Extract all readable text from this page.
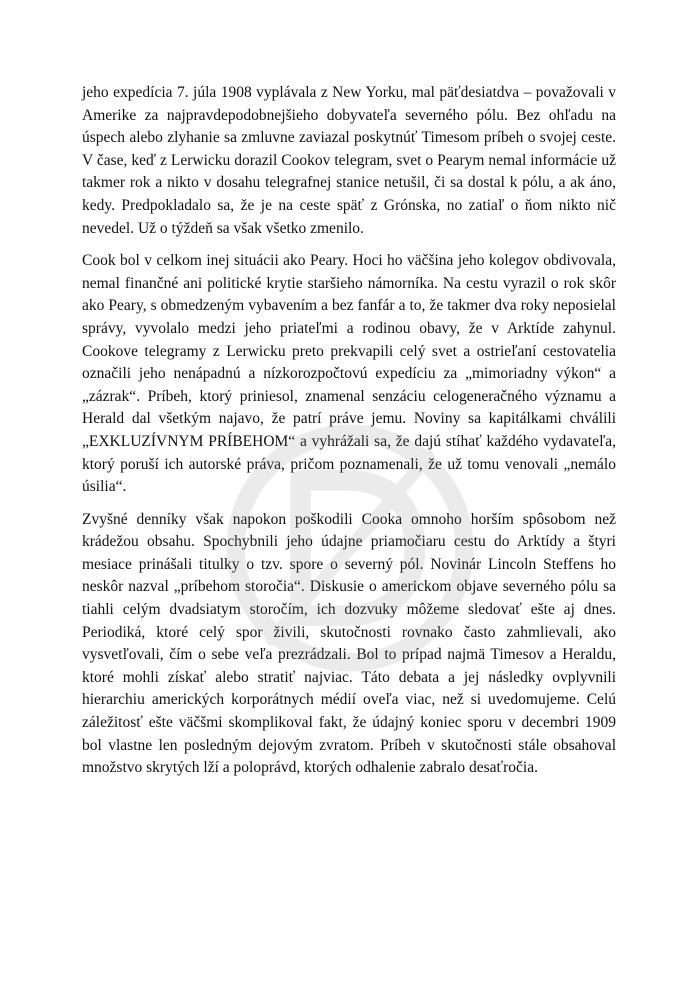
jeho expedícia 7. júla 1908 vyplávala z New Yorku, mal päťdesiatdva – považovali v Amerike za najpravdepodobnejšieho dobyvateľa severného pólu. Bez ohľadu na úspech alebo zlyhanie sa zmluvne zaviazal poskytnúť Timesom príbeh o svojej ceste. V čase, keď z Lerwicku dorazil Cookov telegram, svet o Pearym nemal informácie už takmer rok a nikto v dosahu telegrafnej stanice netušil, či sa dostal k pólu, a ak áno, kedy. Predpokladalo sa, že je na ceste späť z Grónska, no zatiaľ o ňom nikto nič nevedel. Už o týždeň sa však všetko zmenilo.

Cook bol v celkom inej situácii ako Peary. Hoci ho väčšina jeho kolegov obdivovala, nemal finančné ani politické krytie staršieho námorníka. Na cestu vyrazil o rok skôr ako Peary, s obmedzeným vybavením a bez fanfár a to, že takmer dva roky neposielal správy, vyvolalo medzi jeho priateľmi a rodinou obavy, že v Arktíde zahynul. Cookove telegramy z Lerwicku preto prekvapili celý svet a ostrieľaní cestovatelia označili jeho nenápadnú a nízkorozpočtovú expedíciu za „mimoriadny výkon“ a „zázrak“. Príbeh, ktorý priniesol, znamenal senzáciu celogeneračného významu a Herald dal všetkým najavo, že patrí práve jemu. Noviny sa kapitálkami chválili „EXKLUZÍVNYM PRÍBEHOM“ a vyhrážali sa, že dajú stíhať každého vydavateľa, ktorý poruší ich autorské práva, pričom poznamenali, že už tomu venovali „nemálo úsilia“.

Zvyšné denníky však napokon poškodili Cooka omnoho horším spôsobom než krádežou obsahu. Spochybnili jeho údajne priamočiaru cestu do Arktídy a štyri mesiace prinášali titulky o tzv. spore o severný pól. Novinár Lincoln Steffens ho neskôr nazval „príbehom storočia“. Diskusie o americkom objave severného pólu sa tiahli celým dvadsiatym storočím, ich dozvuky môžeme sledovať ešte aj dnes. Periodiká, ktoré celý spor živili, skutočnosti rovnako často zahmlievali, ako vysvetľovali, čím o sebe veľa prezrádzali. Bol to prípad najmä Timesov a Heraldu, ktoré mohli získať alebo stratiť najviac. Táto debata a jej následky ovplyvnili hierarchiu amerických korporátnych médií oveľa viac, než si uvedomujeme. Celú záležitosť ešte väčšmi skomplikoval fakt, že údajný koniec sporu v decembri 1909 bol vlastne len posledným dejovým zvratom. Príbeh v skutočnosti stále obsahoval množstvo skrytých lží a poloprávd, ktorých odhalenie zabralo desaťročia.
